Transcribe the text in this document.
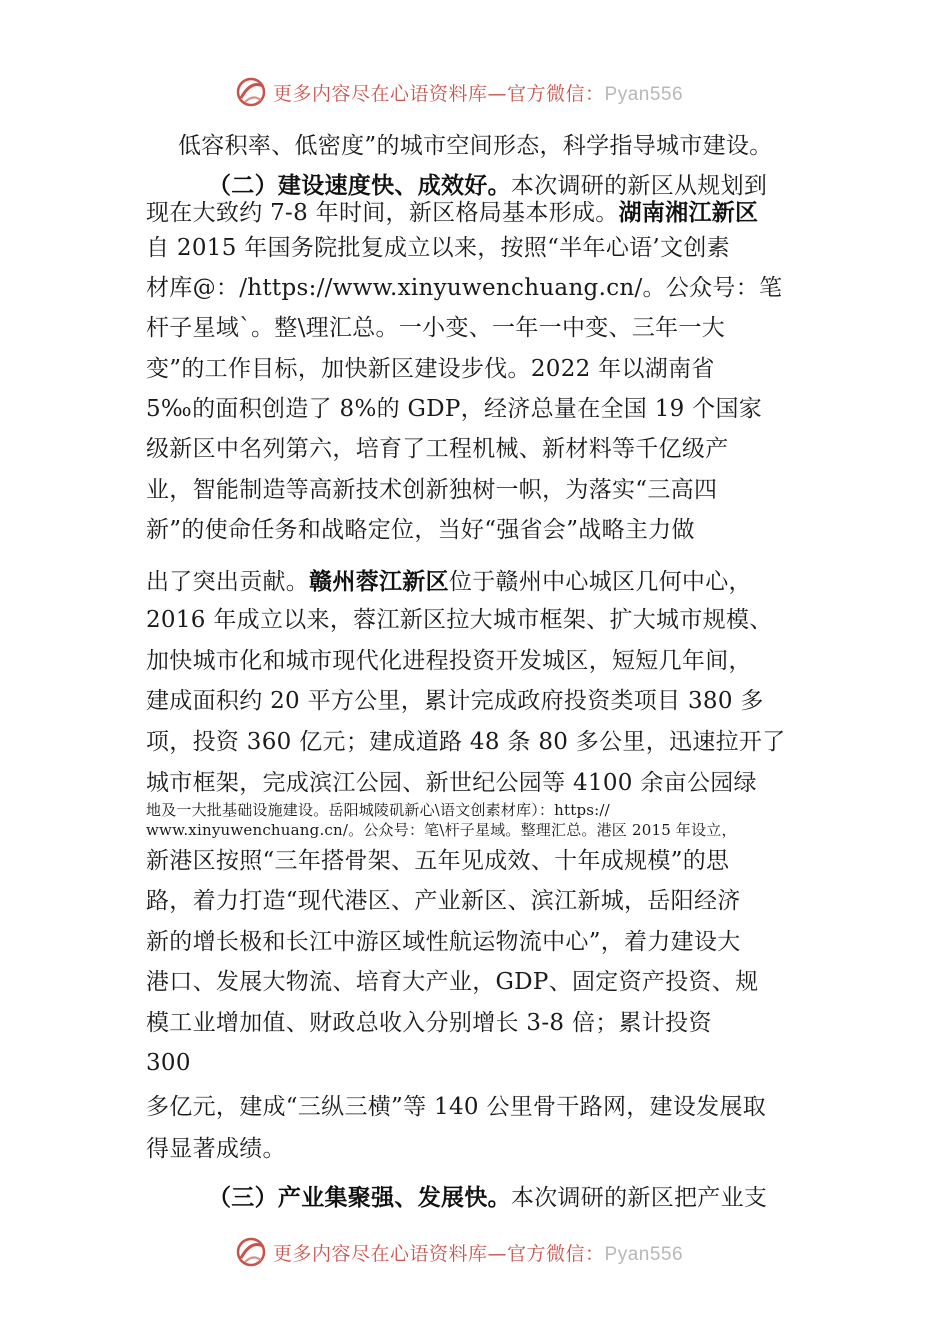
更多内容尽在心语资料库—官方微信：Pyan556
低容积率、低密度”的城市空间形态，科学指导城市建设。
（二）建设速度快、成效好。本次调研的新区从规划到
现在大致约 7-8 年时间，新区格局基本形成。湖南湘江新区
自 2015 年国务院批复成立以来，按照“半年心语’文创素
材库@：/https://www.xinyuwenchuang.cn/。公众号：笔
杆子星域`。整\理汇总。一小变、一年一中变、三年一大
变”的工作目标，加快新区建设步伐。2022 年以湖南省
5‰的面积创造了 8%的 GDP，经济总量在全国 19 个国家
级新区中名列第六，培育了工程机械、新材料等千亿级产
业，智能制造等高新技术创新独树一帜，为落实“三高四
新”的使命任务和战略定位，当好“强省会”战略主力做
出了突出贡献。赣州蓉江新区位于赣州中心城区几何中心，
2016 年成立以来，蓉江新区拉大城市框架、扩大城市规模、
加快城市化和城市现代化进程投资开发城区，短短几年间，
建成面积约 20 平方公里，累计完成政府投资类项目 380 多
项，投资 360 亿元；建成道路 48 条 80 多公里，迅速拉开了
城市框架，完成滨江公园、新世纪公园等 4100 余亩公园绿
地及一大批基础设施建设。岳阳城陵矶新心\语文创素材库）：https://
www.xinyuwenchuang.cn/。公众号：笔\杆子星域。整理汇总。港区 2015 年设立，
新港区按照“三年搭骨架、五年见成效、十年成规模”的思
路，着力打造“现代港区、产业新区、滨江新城，岳阳经济
新的增长极和长江中游区域性航运物流中心”，着力建设大
港口、发展大物流、培育大产业，GDP、固定资产投资、规
模工业增加值、财政总收入分别增长 3-8 倍；累计投资
300
多亿元，建成“三纵三横”等 140 公里骨干路网，建设发展取
得显著成绩。
（三）产业集聚强、发展快。本次调研的新区把产业支
更多内容尽在心语资料库—官方微信：Pyan556
